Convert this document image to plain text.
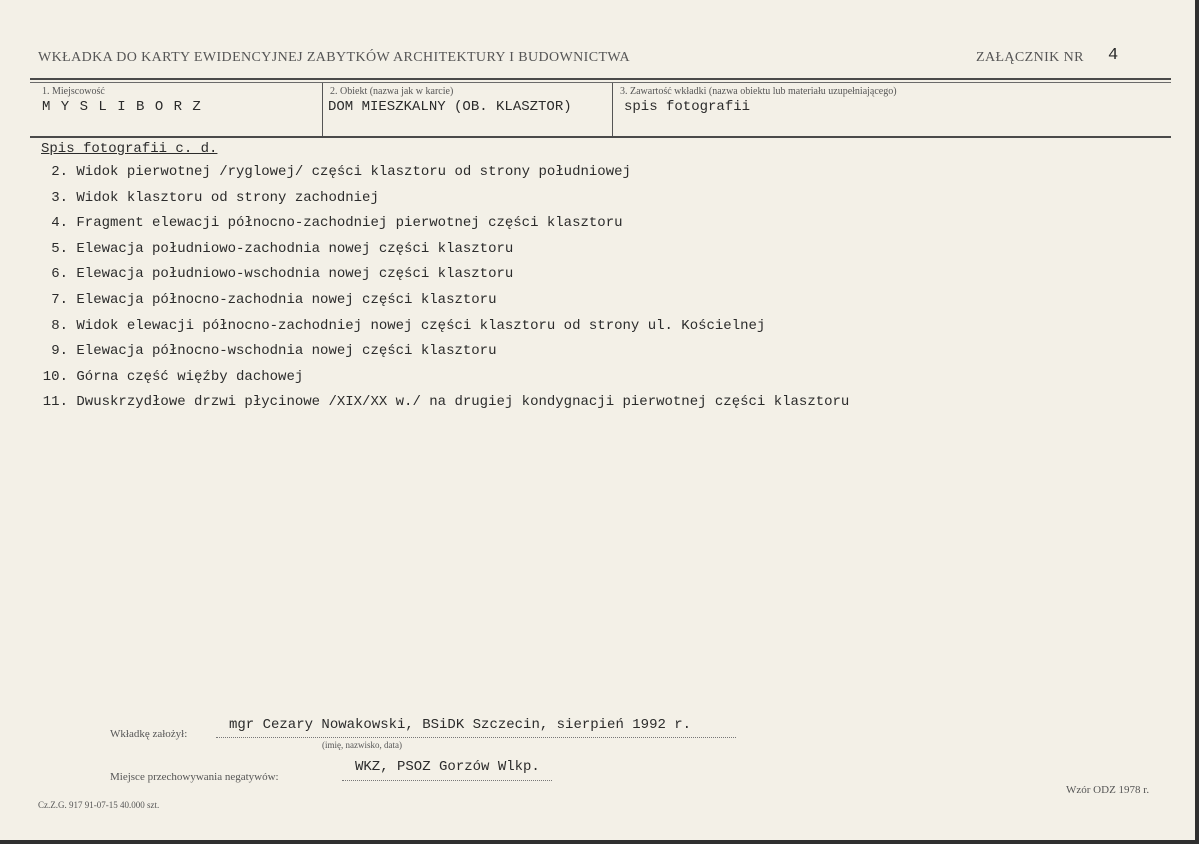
WKŁADKA DO KARTY EWIDENCYJNEJ ZABYTKÓW ARCHITEKTURY I BUDOWNICTWA	ZAŁĄCZNIK NR 4
1. Miejscowość
M Y S L I B O R Z
2. Obiekt (nazwa jak w karcie)
DOM MIESZKALNY (OB. KLASZTOR)
3. Zawartość wkładki (nazwa obiektu lub materiału uzupełniającego)
spis fotografii
Spis fotografii c. d.
2. Widok pierwotnej /ryglowej/ części klasztoru od strony południowej
3. Widok klasztoru od strony zachodniej
4. Fragment elewacji północno-zachodniej pierwotnej części klasztoru
5. Elewacja południowo-zachodnia nowej części klasztoru
6. Elewacja południowo-wschodnia nowej części klasztoru
7. Elewacja północno-zachodnia nowej części klasztoru
8. Widok elewacji północno-zachodniej nowej części klasztoru od strony ul. Kościelnej
9. Elewacja północno-wschodnia nowej części klasztoru
10. Górna część więźby dachowej
11. Dwuskrzydłowe drzwi płycinowe /XIX/XX w./ na drugiej kondygnacji pierwotnej części klasztoru
Wkładkę założył:
mgr Cezary Nowakowski, BSiDK Szczecin, sierpień 1992 r.
(imię, nazwisko, data)
Miejsce przechowywania negatywów:
WKZ, PSOZ Gorzów Wlkp.
Cz.Z.G. 917 91-07-15 40.000 szt.
Wzór ODZ 1978 r.
